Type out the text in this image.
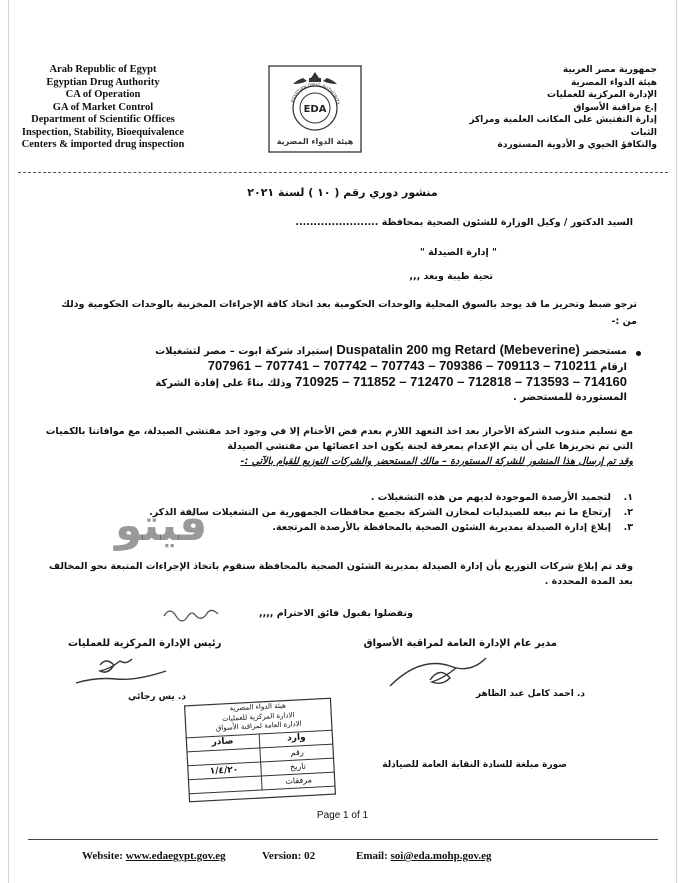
Arab Republic of Egypt
Egyptian Drug Authority
CA of Operation
GA of Market Control
Department of Scientific Offices
Inspection, Stability, Bioequivalence
Centers & imported drug inspection
EDA
EGYPTIAN DRUG AUTHORITY
هيئة الدواء المصرية
جمهورية مصر العربية
هيئة الدواء المصرية
الإدارة المركزية للعمليات
إ.ع مراقبة الأسواق
إدارة التفتيش على المكاتب العلمية ومراكز الثبات
والتكافؤ الحيوي و الأدوية المستوردة
منشور دوري رقم ( ١٠ ) لسنة ٢٠٢١
السيد الدكتور / وكيل الوزارة للشئون الصحية بمحافظة .......................
" إدارة الصيدلة "
تحية طيبة وبعد ,,,
ترجو ضبط وتحريز ما قد يوجد بالسوق المحلية والوحدات الحكومية بعد اتخاذ كافة الإجراءات المخزنية بالوحدات الحكومية وذلك من :-
مستحضر Duspatalin 200 mg Retard (Mebeverine) إستيراد شركة ابوت – مصر لتشغيلات
ارقام 707961 – 707741 – 707742 – 707743 – 709386 – 709113 – 710211
710925 – 711852 – 712470 – 712818 – 713593 – 714160 وذلك بناءً على إفادة الشركة
المستوردة للمستحضر .
مع تسليم مندوب الشركة الأحراز بعد اخذ التعهد اللازم بعدم فض الأختام إلا في وجود احد مفتشي الصيدلة، مع موافاتنا بالكميات التي تم تحريزها علي أن يتم الإعدام بمعرفة لجنة يكون احد اعضائها من مفتشي الصيدلة
وقد تم إرسال هذا المنشور للشركة المستوردة – مالك المستحضر والشركات التوزيع للقيام بالآتي :-
١.
لتجميد الأرصدة الموجودة لديهم من هذه التشغيلات .
٢.
إرتجاع ما تم بيعه للصيدليات لمخازن الشركة بجميع محافظات الجمهورية من التشغيلات سالفة الذكر.
٣.
إبلاغ إدارة الصيدلة بمديرية الشئون الصحية بالمحافظة بالأرصدة المرتجعة.
وقد تم إبلاغ شركات التوزيع بأن إدارة الصيدلة بمديرية الشئون الصحية بالمحافظة ستقوم باتخاذ الإجراءات المتبعة نحو المخالف بعد المدة المحددة .
فيتو
وتفضلوا بقبول فائق الاحترام ,,,,
مدير عام الإدارة العامة لمراقبة الأسواق
رئيس الإدارة المركزية للعمليات
د. يس رجائي	د. احمد كامل عبد الظاهر
هيئة الدواء المصرية
الادارة المركزية للعمليات
الادارة العامة لمراقبة الأسواق
وارد
صادر
رقم
تاريخ
١/٤/٢٠
مرفقات
صورة مبلغة للسادة النقابة العامة للصيادلة
Page 1 of 1
Website: www.edaegypt.gov.eg	Version: 02	Email: soi@eda.mohp.gov.eg
